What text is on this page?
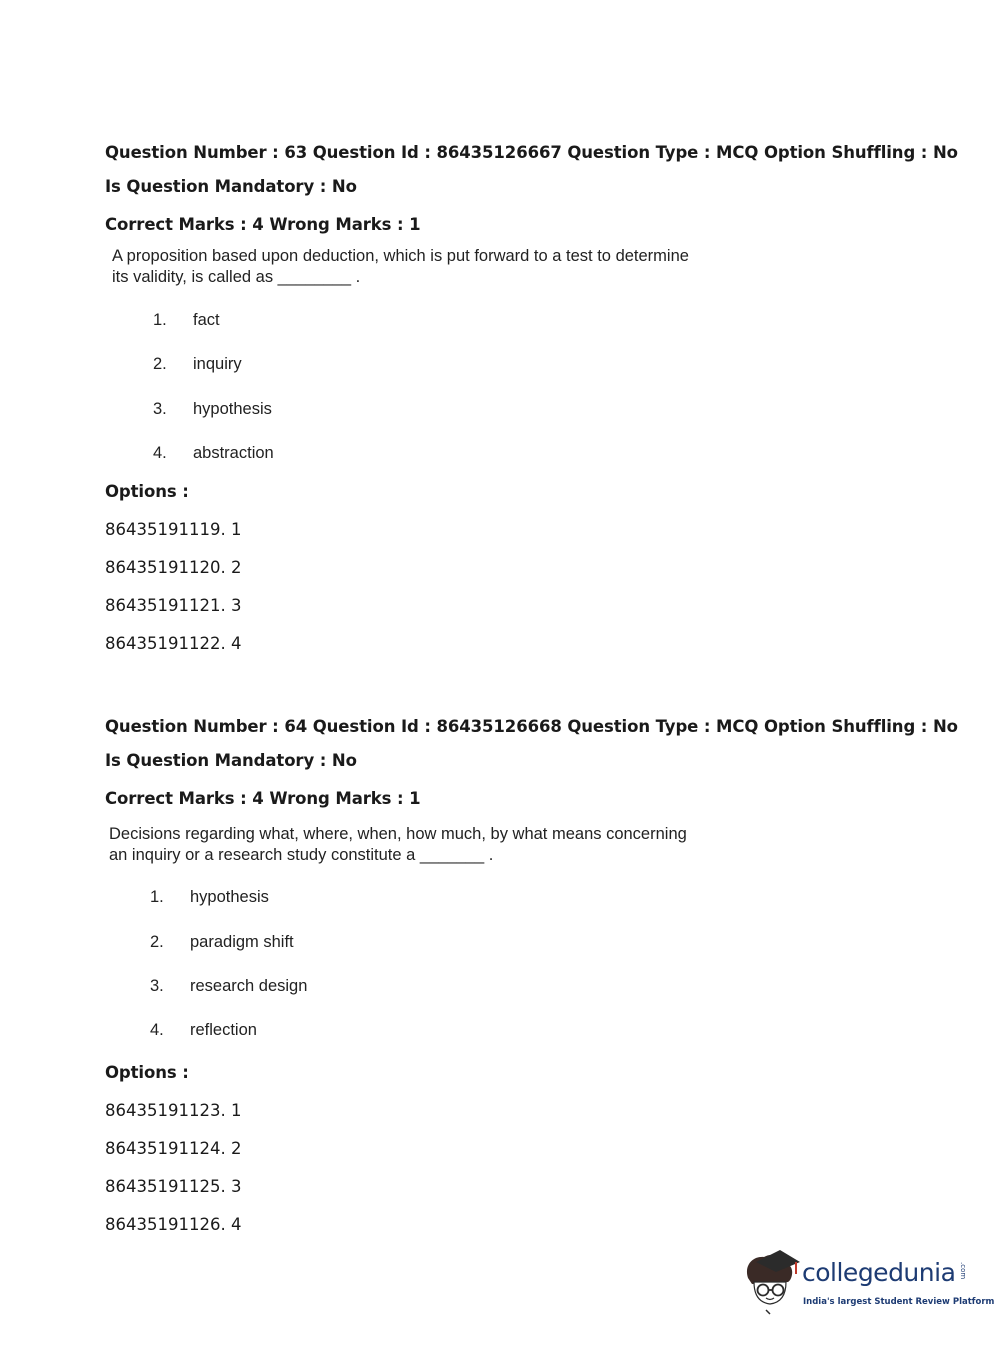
Question Number : 63 Question Id : 86435126667 Question Type : MCQ Option Shuffling : No
Is Question Mandatory : No
Correct Marks : 4 Wrong Marks : 1
A proposition based upon deduction, which is put forward to a test to determine
its validity, is called as ________ .
1. fact
2. inquiry
3. hypothesis
4. abstraction
Options :
86435191119. 1
86435191120. 2
86435191121. 3
86435191122. 4
Question Number : 64 Question Id : 86435126668 Question Type : MCQ Option Shuffling : No
Is Question Mandatory : No
Correct Marks : 4 Wrong Marks : 1
Decisions regarding what, where, when, how much, by what means concerning
an inquiry or a research study constitute a _______ .
1. hypothesis
2. paradigm shift
3. research design
4. reflection
Options :
86435191123. 1
86435191124. 2
86435191125. 3
86435191126. 4
collegedunia .com
India's largest Student Review Platform
